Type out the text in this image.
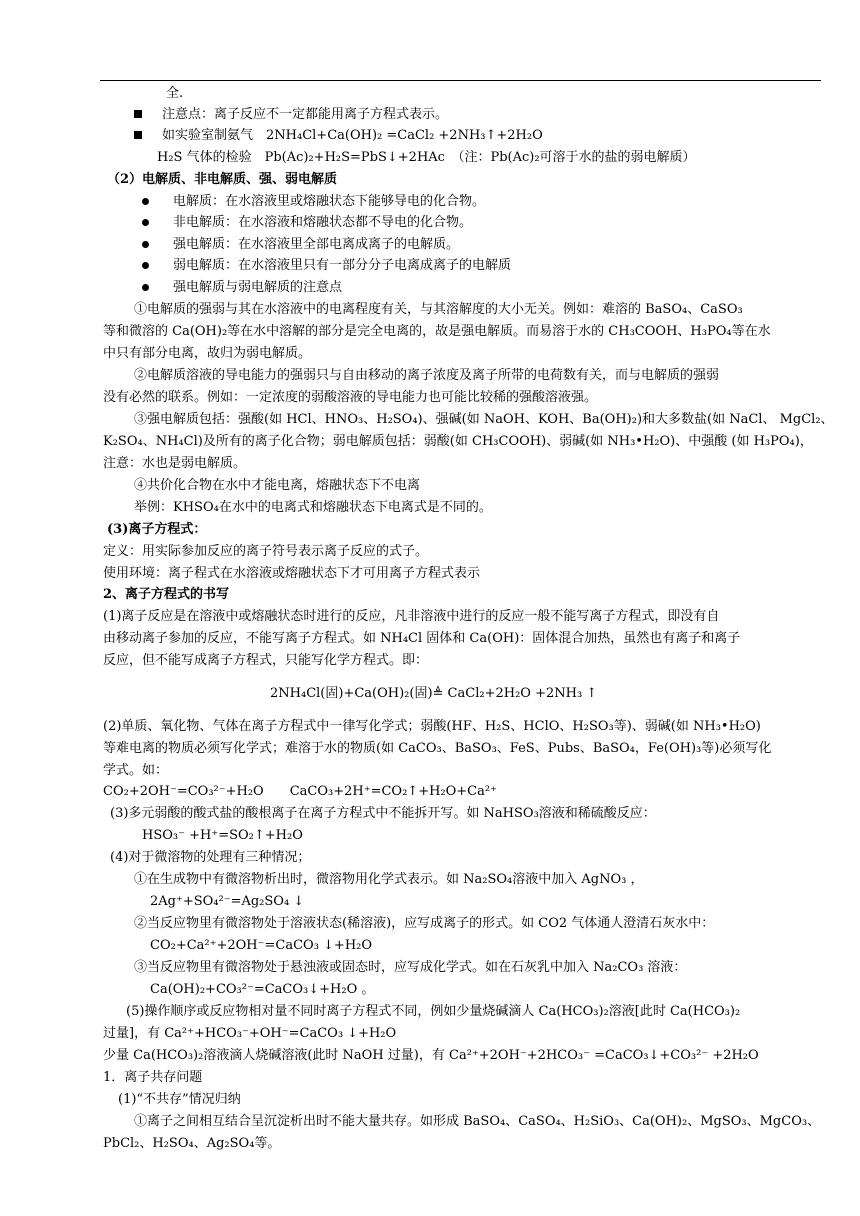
全.
注意点：离子反应不一定都能用离子方程式表示。
如实验室制氨气　2NH₄Cl+Ca(OH)₂ =CaCl₂ +2NH₃↑+2H₂O
H₂S 气体的检验　Pb(Ac)₂+H₂S=PbS↓+2HAc　（注：Pb(Ac)₂可溶于水的盐的弱电解质）
（2）电解质、非电解质、强、弱电解质
电解质：在水溶液里或熔融状态下能够导电的化合物。
非电解质：在水溶液和熔融状态都不导电的化合物。
强电解质：在水溶液里全部电离成离子的电解质。
弱电解质：在水溶液里只有一部分分子电离成离子的电解质
强电解质与弱电解质的注意点
①电解质的强弱与其在水溶液中的电离程度有关，与其溶解度的大小无关。例如：难溶的 BaSO₄、CaSO₃
等和微溶的 Ca(OH)₂等在水中溶解的部分是完全电离的，故是强电解质。而易溶于水的 CH₃COOH、H₃PO₄等在水
中只有部分电离，故归为弱电解质。
②电解质溶液的导电能力的强弱只与自由移动的离子浓度及离子所带的电荷数有关，而与电解质的强弱
没有必然的联系。例如：一定浓度的弱酸溶液的导电能力也可能比较稀的强酸溶液强。
③强电解质包括：强酸(如 HCl、HNO₃、H₂SO₄)、强碱(如 NaOH、KOH、Ba(OH)₂)和大多数盐(如 NaCl、 MgCl₂、
K₂SO₄、NH₄Cl)及所有的离子化合物；弱电解质包括：弱酸(如 CH₃COOH)、弱碱(如 NH₃•H₂O)、中强酸 (如 H₃PO₄)，
注意：水也是弱电解质。
④共价化合物在水中才能电离，熔融状态下不电离
举例：KHSO₄在水中的电离式和熔融状态下电离式是不同的。
(3)离子方程式：
定义：用实际参加反应的离子符号表示离子反应的式子。
使用环境：离子程式在水溶液或熔融状态下才可用离子方程式表示
2、离子方程式的书写
(1)离子反应是在溶液中或熔融状态时进行的反应，凡非溶液中进行的反应一般不能写离子方程式，即没有自
由移动离子参加的反应，不能写离子方程式。如 NH₄Cl 固体和 Ca(OH)：固体混合加热，虽然也有离子和离子
反应，但不能写成离子方程式，只能写化学方程式。即：
2NH₄Cl(固)+Ca(OH)₂(固)≜ CaCl₂+2H₂O +2NH₃ ↑
(2)单质、氧化物、气体在离子方程式中一律写化学式；弱酸(HF、H₂S、HClO、H₂SO₃等)、弱碱(如 NH₃•H₂O)
等难电离的物质必须写化学式；难溶于水的物质(如 CaCO₃、BaSO₃、FeS、Pubs、BaSO₄，Fe(OH)₃等)必须写化
学式。如：
CO₂+2OH⁻=CO₃²⁻+H₂O　　CaCO₃+2H⁺=CO₂↑+H₂O+Ca²⁺
(3)多元弱酸的酸式盐的酸根离子在离子方程式中不能拆开写。如 NaHSO₃溶液和稀硫酸反应：
HSO₃⁻ +H⁺=SO₂↑+H₂O
(4)对于微溶物的处理有三种情况；
①在生成物中有微溶物析出时，微溶物用化学式表示。如 Na₂SO₄溶液中加入 AgNO₃ ，
2Ag⁺+SO₄²⁻=Ag₂SO₄ ↓
②当反应物里有微溶物处于溶液状态(稀溶液)，应写成离子的形式。如 CO2 气体通人澄清石灰水中：
CO₂+Ca²⁺+2OH⁻=CaCO₃ ↓+H₂O
③当反应物里有微溶物处于悬浊液或固态时，应写成化学式。如在石灰乳中加入 Na₂CO₃ 溶液：
Ca(OH)₂+CO₃²⁻=CaCO₃↓+H₂O 。
(5)操作顺序或反应物相对量不同时离子方程式不同，例如少量烧碱滴人 Ca(HCO₃)₂溶液[此时 Ca(HCO₃)₂
过量]，有 Ca²⁺+HCO₃⁻+OH⁻=CaCO₃ ↓+H₂O
少量 Ca(HCO₃)₂溶液滴人烧碱溶液(此时 NaOH 过量)，有 Ca²⁺+2OH⁻+2HCO₃⁻ =CaCO₃↓+CO₃²⁻ +2H₂O
1．离子共存问题
(1)“不共存”情况归纳
①离子之间相互结合呈沉淀析出时不能大量共存。如形成 BaSO₄、CaSO₄、H₂SiO₃、Ca(OH)₂、MgSO₃、MgCO₃、
PbCl₂、H₂SO₄、Ag₂SO₄等。
